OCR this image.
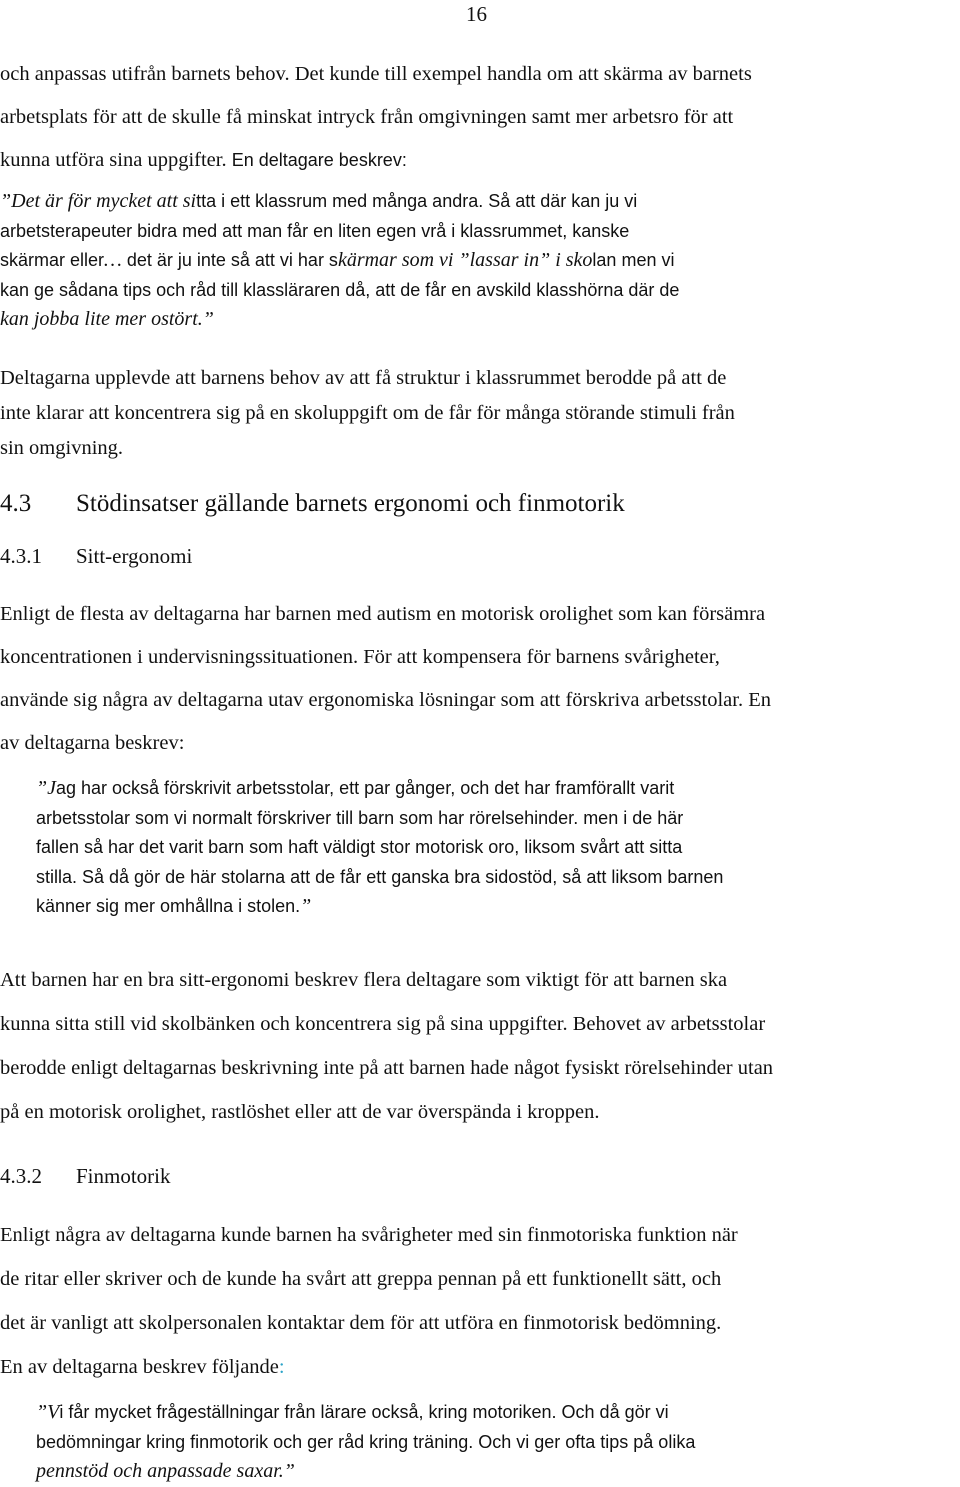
16
och anpassas utifrån barnets behov. Det kunde till exempel handla om att skärma av barnets
arbetsplats för att de skulle få minskat intryck från omgivningen samt mer arbetsro för att
kunna utföra sina uppgifter. En deltagare beskrev:
”Det är för mycket att sitta i ett klassrum med många andra. Så att där kan ju vi
arbetsterapeuter bidra med att man får en liten egen vrå i klassrummet, kanske
skärmar eller… det är ju inte så att vi har skärmar som vi ”lassar in” i skolan men vi
kan ge sådana tips och råd till klassläraren då, att de får en avskild klasshörna där de
kan jobba lite mer ostört.”
Deltagarna upplevde att barnens behov av att få struktur i klassrummet berodde på att de
inte klarar att koncentrera sig på en skoluppgift om de får för många störande stimuli från
sin omgivning.
4.3 Stödinsatser gällande barnets ergonomi och finmotorik
4.3.1 Sitt-ergonomi
Enligt de flesta av deltagarna har barnen med autism en motorisk orolighet som kan försämra
koncentrationen i undervisningssituationen. För att kompensera för barnens svårigheter,
använde sig några av deltagarna utav ergonomiska lösningar som att förskriva arbetsstolar. En
av deltagarna beskrev:
”Jag har också förskrivit arbetsstolar, ett par gånger, och det har framförallt varit
arbetsstolar som vi normalt förskriver till barn som har rörelsehinder. men i de här
fallen så har det varit barn som haft väldigt stor motorisk oro, liksom svårt att sitta
stilla. Så då gör de här stolarna att de får ett ganska bra sidostöd, så att liksom barnen
känner sig mer omhållna i stolen.”
Att barnen har en bra sitt-ergonomi beskrev flera deltagare som viktigt för att barnen ska
kunna sitta still vid skolbänken och koncentrera sig på sina uppgifter. Behovet av arbetsstolar
berodde enligt deltagarnas beskrivning inte på att barnen hade något fysiskt rörelsehinder utan
på en motorisk orolighet, rastlöshet eller att de var överspända i kroppen.
4.3.2 Finmotorik
Enligt några av deltagarna kunde barnen ha svårigheter med sin finmotoriska funktion när
de ritar eller skriver och de kunde ha svårt att greppa pennan på ett funktionellt sätt, och
det är vanligt att skolpersonalen kontaktar dem för att utföra en finmotorisk bedömning.
En av deltagarna beskrev följande:
”Vi får mycket frågeställningar från lärare också, kring motoriken. Och då gör vi
bedömningar kring finmotorik och ger råd kring träning. Och vi ger ofta tips på olika
pennstöd och anpassade saxar.”
